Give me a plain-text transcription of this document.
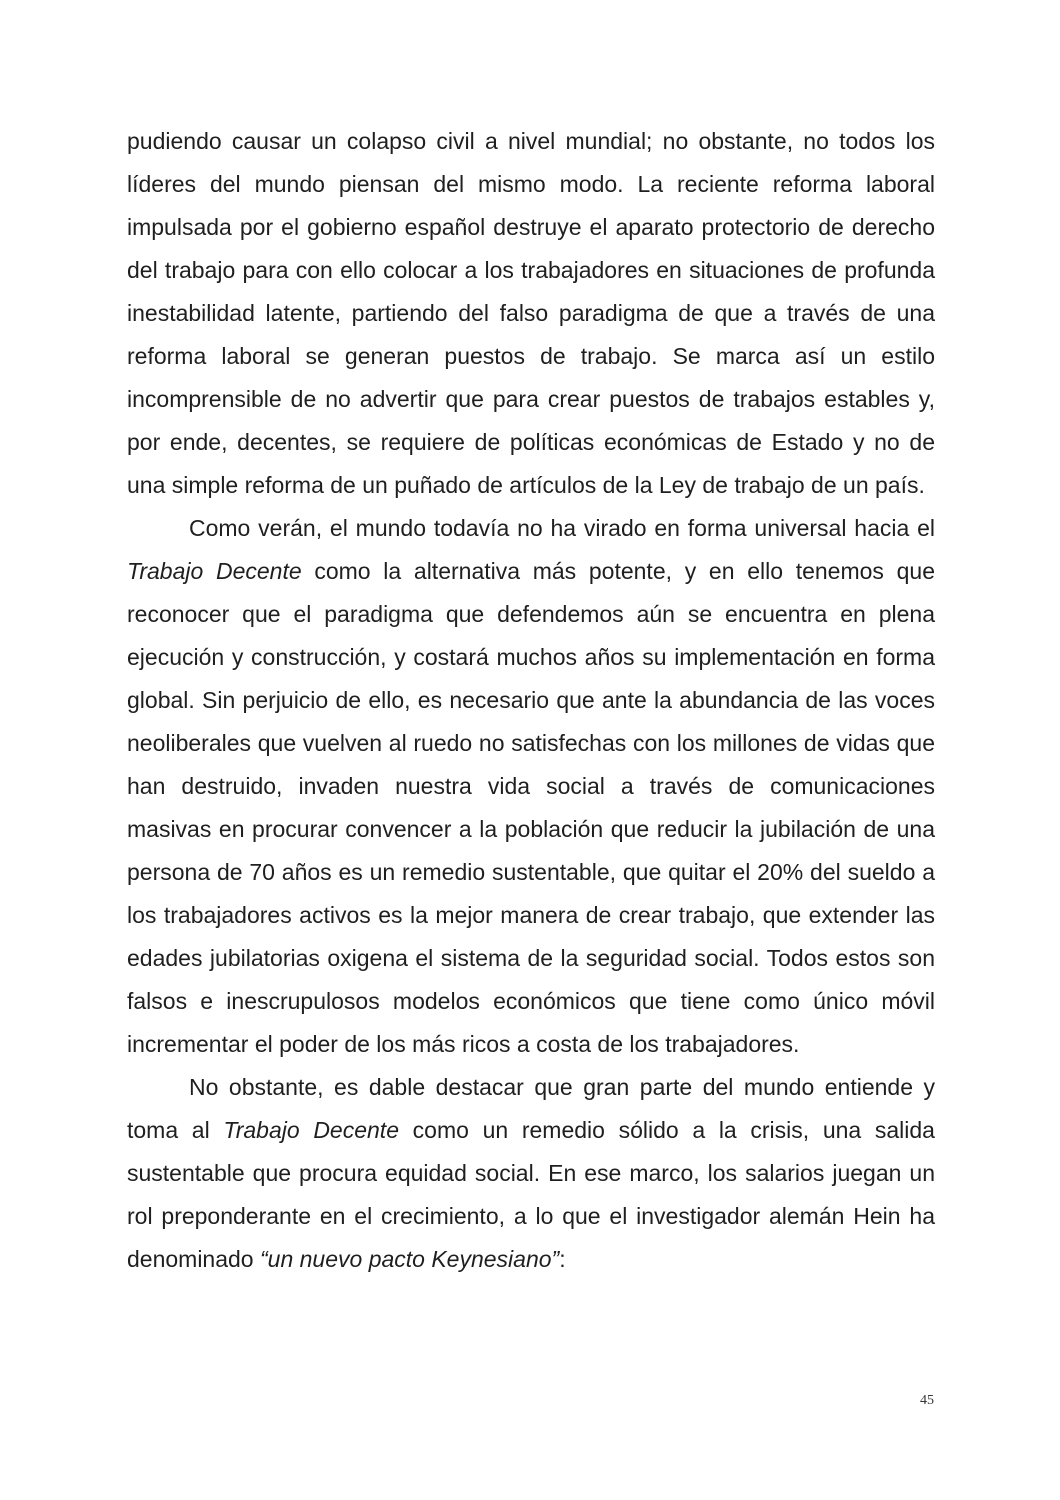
pudiendo causar un colapso civil a nivel mundial; no obstante, no todos los líderes del mundo piensan del mismo modo. La reciente reforma laboral impulsada por el gobierno español destruye el aparato protectorio de derecho del trabajo para con ello colocar a los trabajadores en situaciones de profunda inestabilidad latente, partiendo del falso paradigma de que a través de una reforma laboral se generan puestos de trabajo. Se marca así un estilo incomprensible de no advertir que para crear puestos de trabajos estables y, por ende, decentes, se requiere de políticas económicas de Estado y no de una simple reforma de un puñado de artículos de la Ley de trabajo de un país.

Como verán, el mundo todavía no ha virado en forma universal hacia el Trabajo Decente como la alternativa más potente, y en ello tenemos que reconocer que el paradigma que defendemos aún se encuentra en plena ejecución y construcción, y costará muchos años su implementación en forma global. Sin perjuicio de ello, es necesario que ante la abundancia de las voces neoliberales que vuelven al ruedo no satisfechas con los millones de vidas que han destruido, invaden nuestra vida social a través de comunicaciones masivas en procurar convencer a la población que reducir la jubilación de una persona de 70 años es un remedio sustentable, que quitar el 20% del sueldo a los trabajadores activos es la mejor manera de crear trabajo, que extender las edades jubilatorias oxigena el sistema de la seguridad social. Todos estos son falsos e inescrupulosos modelos económicos que tiene como único móvil incrementar el poder de los más ricos a costa de los trabajadores.

No obstante, es dable destacar que gran parte del mundo entiende y toma al Trabajo Decente como un remedio sólido a la crisis, una salida sustentable que procura equidad social. En ese marco, los salarios juegan un rol preponderante en el crecimiento, a lo que el investigador alemán Hein ha denominado “un nuevo pacto Keynesiano”:

45
